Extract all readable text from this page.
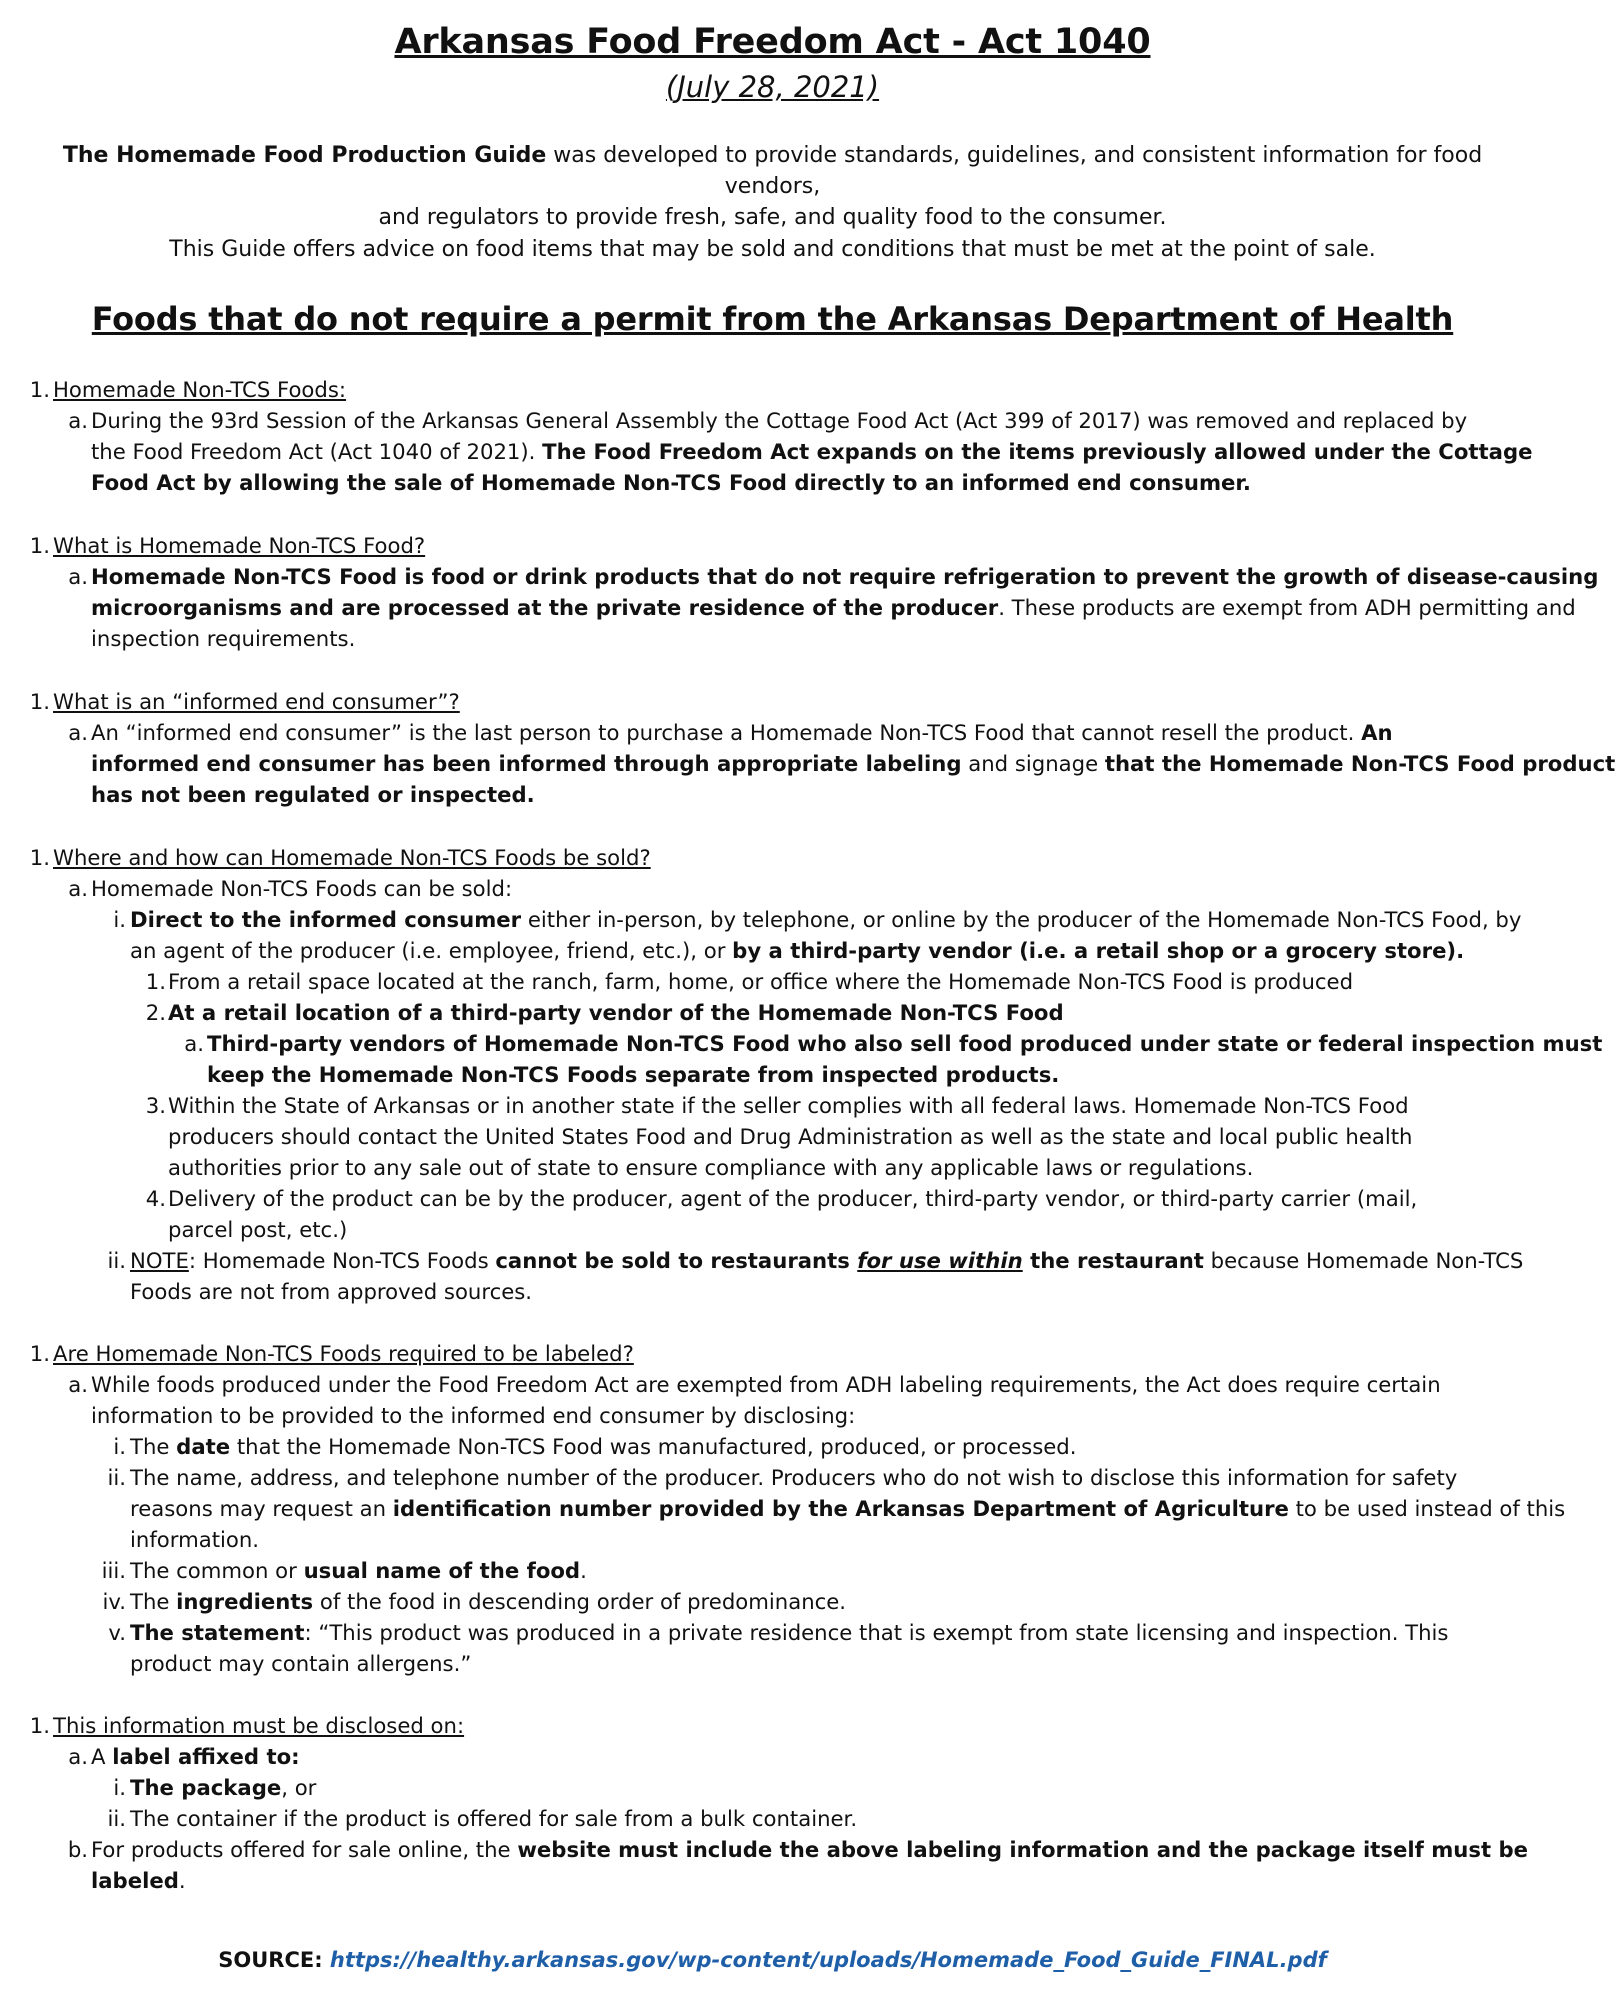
Arkansas Food Freedom Act - Act 1040
(July 28, 2021)
The Homemade Food Production Guide was developed to provide standards, guidelines, and consistent information for food vendors,
and regulators to provide fresh, safe, and quality food to the consumer.
This Guide offers advice on food items that may be sold and conditions that must be met at the point of sale.
Foods that do not require a permit from the Arkansas Department of Health
1. Homemade Non-TCS Foods:
a. During the 93rd Session of the Arkansas General Assembly the Cottage Food Act (Act 399 of 2017) was removed and replaced by
the Food Freedom Act (Act 1040 of 2021). The Food Freedom Act expands on the items previously allowed under the Cottage
Food Act by allowing the sale of Homemade Non-TCS Food directly to an informed end consumer.
1. What is Homemade Non-TCS Food?
a. Homemade Non-TCS Food is food or drink products that do not require refrigeration to prevent the growth of disease-causing
microorganisms and are processed at the private residence of the producer. These products are exempt from ADH permitting and
inspection requirements.
1. What is an “informed end consumer”?
a. An “informed end consumer” is the last person to purchase a Homemade Non-TCS Food that cannot resell the product. An
informed end consumer has been informed through appropriate labeling and signage that the Homemade Non-TCS Food product
has not been regulated or inspected.
1. Where and how can Homemade Non-TCS Foods be sold?
a. Homemade Non-TCS Foods can be sold:
i. Direct to the informed consumer either in-person, by telephone, or online by the producer of the Homemade Non-TCS Food, by
an agent of the producer (i.e. employee, friend, etc.), or by a third-party vendor (i.e. a retail shop or a grocery store).
1. From a retail space located at the ranch, farm, home, or office where the Homemade Non-TCS Food is produced
2. At a retail location of a third-party vendor of the Homemade Non-TCS Food
a. Third-party vendors of Homemade Non-TCS Food who also sell food produced under state or federal inspection must
keep the Homemade Non-TCS Foods separate from inspected products.
3. Within the State of Arkansas or in another state if the seller complies with all federal laws. Homemade Non-TCS Food
producers should contact the United States Food and Drug Administration as well as the state and local public health
authorities prior to any sale out of state to ensure compliance with any applicable laws or regulations.
4. Delivery of the product can be by the producer, agent of the producer, third-party vendor, or third-party carrier (mail,
parcel post, etc.)
ii. NOTE: Homemade Non-TCS Foods cannot be sold to restaurants for use within the restaurant because Homemade Non-TCS
Foods are not from approved sources.
1. Are Homemade Non-TCS Foods required to be labeled?
a. While foods produced under the Food Freedom Act are exempted from ADH labeling requirements, the Act does require certain
information to be provided to the informed end consumer by disclosing:
i. The date that the Homemade Non-TCS Food was manufactured, produced, or processed.
ii. The name, address, and telephone number of the producer. Producers who do not wish to disclose this information for safety
reasons may request an identification number provided by the Arkansas Department of Agriculture to be used instead of this
information.
iii. The common or usual name of the food.
iv. The ingredients of the food in descending order of predominance.
v. The statement: “This product was produced in a private residence that is exempt from state licensing and inspection. This
product may contain allergens.”
1. This information must be disclosed on:
a. A label affixed to:
i. The package, or
ii. The container if the product is offered for sale from a bulk container.
b. For products offered for sale online, the website must include the above labeling information and the package itself must be
labeled.
SOURCE: https://healthy.arkansas.gov/wp-content/uploads/Homemade_Food_Guide_FINAL.pdf
